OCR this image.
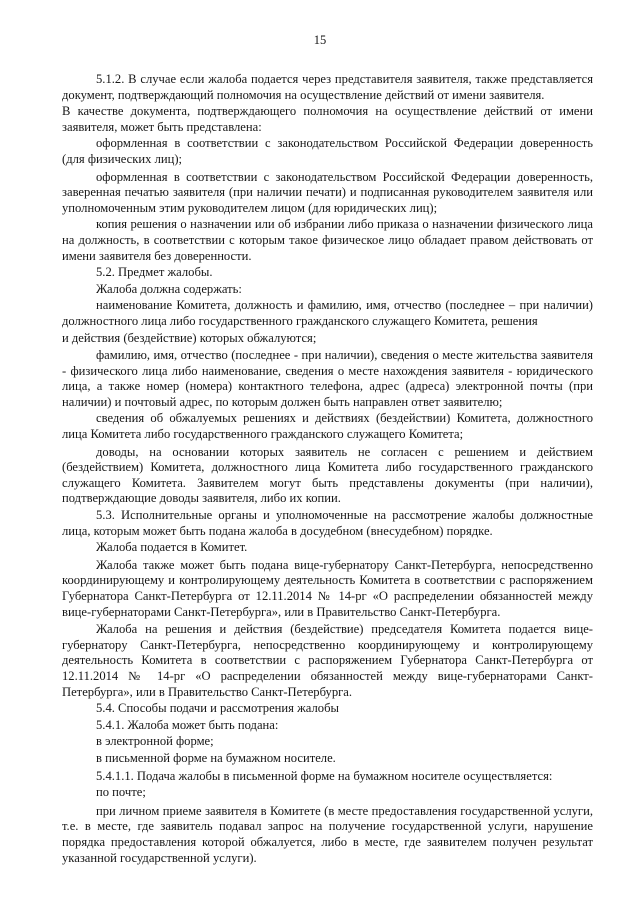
15

5.1.2. В случае если жалоба подается через представителя заявителя, также представляется документ, подтверждающий полномочия на осуществление действий от имени заявителя.

В качестве документа, подтверждающего полномочия на осуществление действий от имени заявителя, может быть представлена:

оформленная в соответствии с законодательством Российской Федерации доверенность (для физических лиц);

оформленная в соответствии с законодательством Российской Федерации доверенность, заверенная печатью заявителя (при наличии печати) и подписанная руководителем заявителя или уполномоченным этим руководителем лицом (для юридических лиц);

копия решения о назначении или об избрании либо приказа о назначении физического лица на должность, в соответствии с которым такое физическое лицо обладает правом действовать от имени заявителя без доверенности.

5.2. Предмет жалобы.

Жалоба должна содержать:

наименование Комитета, должность и фамилию, имя, отчество (последнее – при наличии) должностного лица либо государственного гражданского служащего Комитета, решения

и действия (бездействие) которых обжалуются;

фамилию, имя, отчество (последнее - при наличии), сведения о месте жительства заявителя - физического лица либо наименование, сведения о месте нахождения заявителя - юридического лица, а также номер (номера) контактного телефона, адрес (адреса) электронной почты (при наличии) и почтовый адрес, по которым должен быть направлен ответ заявителю;

сведения об обжалуемых решениях и действиях (бездействии) Комитета, должностного лица Комитета либо государственного гражданского служащего Комитета;

доводы, на основании которых заявитель не согласен с решением и действием (бездействием) Комитета, должностного лица Комитета либо государственного гражданского служащего Комитета. Заявителем могут быть представлены документы (при наличии), подтверждающие доводы заявителя, либо их копии.

5.3. Исполнительные органы и уполномоченные на рассмотрение жалобы должностные лица, которым может быть подана жалоба в досудебном (внесудебном) порядке.

Жалоба подается в Комитет.

Жалоба также может быть подана вице-губернатору Санкт-Петербурга, непосредственно координирующему и контролирующему деятельность Комитета в соответствии с распоряжением Губернатора Санкт-Петербурга от 12.11.2014 № 14-рг «О распределении обязанностей между вице-губернаторами Санкт-Петербурга», или в Правительство Санкт-Петербурга.

Жалоба на решения и действия (бездействие) председателя Комитета подается вице-губернатору Санкт-Петербурга, непосредственно координирующему и контролирующему деятельность Комитета в соответствии с распоряжением Губернатора Санкт-Петербурга от 12.11.2014 № 14-рг «О распределении обязанностей между вице-губернаторами Санкт-Петербурга», или в Правительство Санкт-Петербурга.

5.4. Способы подачи и рассмотрения жалобы

5.4.1. Жалоба может быть подана:

в электронной форме;

в письменной форме на бумажном носителе.

5.4.1.1. Подача жалобы в письменной форме на бумажном носителе осуществляется:

по почте;

при личном приеме заявителя в Комитете (в месте предоставления государственной услуги, т.е. в месте, где заявитель подавал запрос на получение государственной услуги, нарушение порядка предоставления которой обжалуется, либо в месте, где заявителем получен результат указанной государственной услуги).
